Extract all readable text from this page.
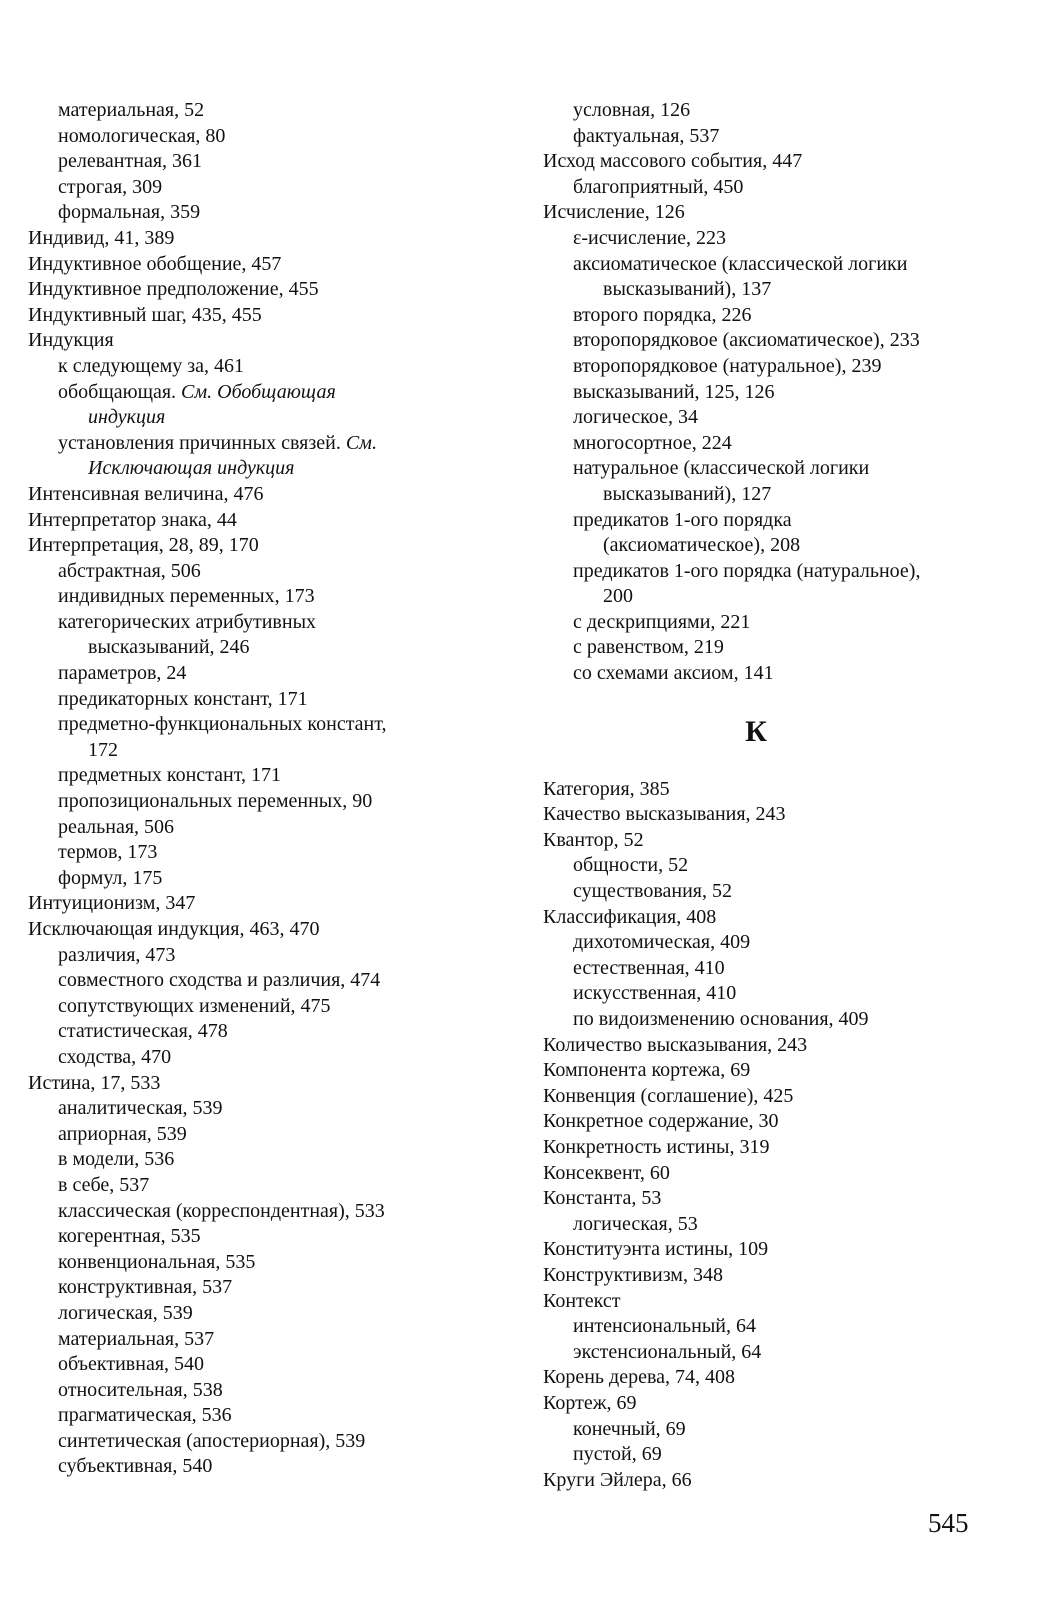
материальная, 52
номологическая, 80
релевантная, 361
строгая, 309
формальная, 359
Индивид, 41, 389
Индуктивное обобщение, 457
Индуктивное предположение, 455
Индуктивный шаг, 435, 455
Индукция
к следующему за, 461
обобщающая. См. Обобщающая
индукция
установления причинных связей. См.
Исключающая индукция
Интенсивная величина, 476
Интерпретатор знака, 44
Интерпретация, 28, 89, 170
абстрактная, 506
индивидных переменных, 173
категорических атрибутивных
высказываний, 246
параметров, 24
предикаторных констант, 171
предметно-функциональных констант,
172
предметных констант, 171
пропозициональных переменных, 90
реальная, 506
термов, 173
формул, 175
Интуиционизм, 347
Исключающая индукция, 463, 470
различия, 473
совместного сходства и различия, 474
сопутствующих изменений, 475
статистическая, 478
сходства, 470
Истина, 17, 533
аналитическая, 539
априорная, 539
в модели, 536
в себе, 537
классическая (корреспондентная), 533
когерентная, 535
конвенциональная, 535
конструктивная, 537
логическая, 539
материальная, 537
объективная, 540
относительная, 538
прагматическая, 536
синтетическая (апостериорная), 539
субъективная, 540
условная, 126
фактуальная, 537
Исход массового события, 447
благоприятный, 450
Исчисление, 126
ε-исчисление, 223
аксиоматическое (классической логики
высказываний), 137
второго порядка, 226
второпорядковое (аксиоматическое), 233
второпорядковое (натуральное), 239
высказываний, 125, 126
логическое, 34
многосортное, 224
натуральное (классической логики
высказываний), 127
предикатов 1-ого порядка
(аксиоматическое), 208
предикатов 1-ого порядка (натуральное),
200
с дескрипциями, 221
с равенством, 219
со схемами аксиом, 141
К
Категория, 385
Качество высказывания, 243
Квантор, 52
общности, 52
существования, 52
Классификация, 408
дихотомическая, 409
естественная, 410
искусственная, 410
по видоизменению основания, 409
Количество высказывания, 243
Компонента кортежа, 69
Конвенция (соглашение), 425
Конкретное содержание, 30
Конкретность истины, 319
Консеквент, 60
Константа, 53
логическая, 53
Конституэнта истины, 109
Конструктивизм, 348
Контекст
интенсиональный, 64
экстенсиональный, 64
Корень дерева, 74, 408
Кортеж, 69
конечный, 69
пустой, 69
Круги Эйлера, 66
545
